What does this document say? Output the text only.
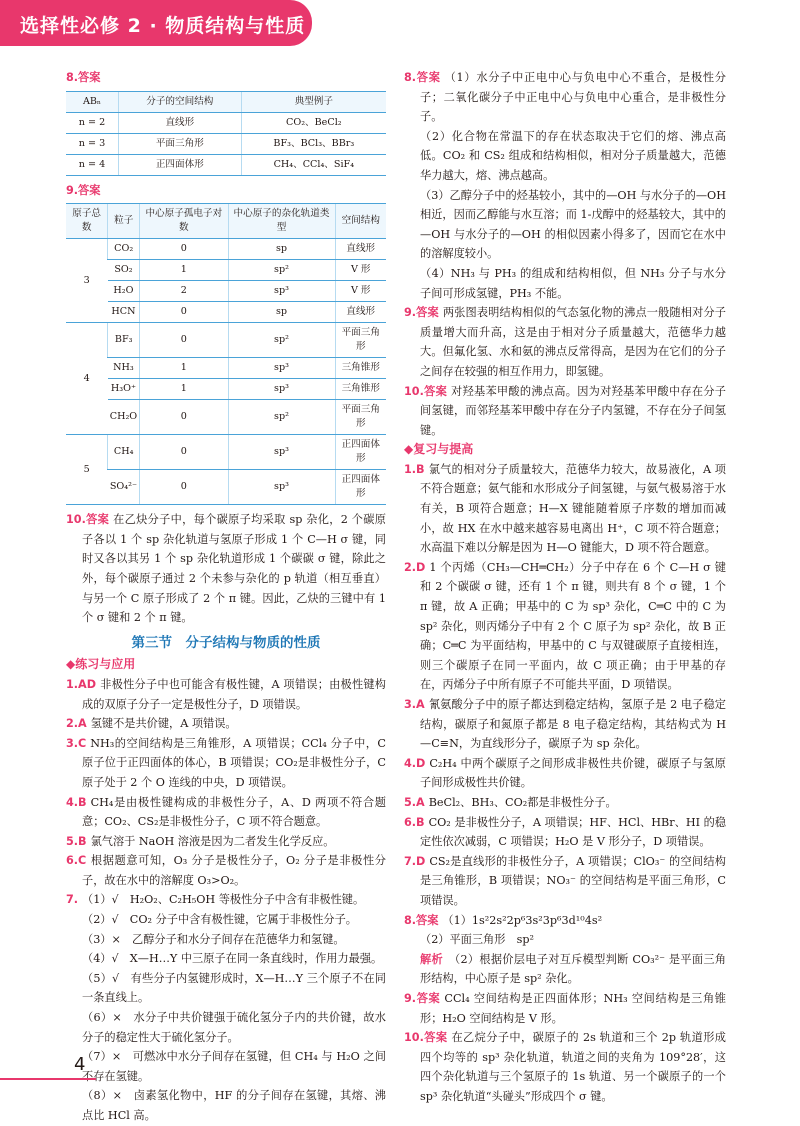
选择性必修 2 · 物质结构与性质

8.答案

ABₙ	分子的空间结构	典型例子
n = 2	直线形	CO₂、BeCl₂
n = 3	平面三角形	BF₃、BCl₃、BBr₃
n = 4	正四面体形	CH₄、CCl₄、SiF₄

9.答案

原子总数	粒子	中心原子孤电子对数	中心原子的杂化轨道类型	空间结构
3	CO₂	0	sp	直线形
	SO₂	1	sp²	V 形
	H₂O	2	sp³	V 形
	HCN	0	sp	直线形
4	BF₃	0	sp²	平面三角形
	NH₃	1	sp³	三角锥形
	H₃O⁺	1	sp³	三角锥形
	CH₂O	0	sp²	平面三角形
5	CH₄	0	sp³	正四面体形
	SO₄²⁻	0	sp³	正四面体形

10.答案 在乙炔分子中，每个碳原子均采取 sp 杂化，2 个碳原子各以 1 个 sp 杂化轨道与氢原子形成 1 个 C—H σ 键，同时又各以其另 1 个 sp 杂化轨道形成 1 个碳碳 σ 键，除此之外，每个碳原子通过 2 个未参与杂化的 p 轨道（相互垂直）与另一个 C 原子形成了 2 个 π 键。因此，乙炔的三键中有 1 个 σ 键和 2 个 π 键。

第三节　分子结构与物质的性质

◆练习与应用

1.AD 非极性分子中也可能含有极性键，A 项错误；由极性键构成的双原子分子一定是极性分子，D 项错误。

2.A 氢键不是共价键，A 项错误。

3.C NH₃的空间结构是三角锥形，A 项错误；CCl₄ 分子中，C 原子位于正四面体的体心，B 项错误；CO₂是非极性分子，C 原子处于 2 个 O 连线的中央，D 项错误。

4.B CH₄是由极性键构成的非极性分子，A、D 两项不符合题意；CO₂、CS₂是非极性分子，C 项不符合题意。

5.B 氯气溶于 NaOH 溶液是因为二者发生化学反应。

6.C 根据题意可知，O₃ 分子是极性分子，O₂ 分子是非极性分子，故在水中的溶解度 O₃>O₂。

7. （1）√　H₂O₂、C₂H₅OH 等极性分子中含有非极性键。

（2）√　CO₂ 分子中含有极性键，它属于非极性分子。

（3）×　乙醇分子和水分子间存在范德华力和氢键。

（4）√　X—H…Y 中三原子在同一条直线时，作用力最强。

（5）√　有些分子内氢键形成时，X—H…Y 三个原子不在同一条直线上。

（6）×　水分子中共价键强于硫化氢分子内的共价键，故水分子的稳定性大于硫化氢分子。

（7）×　可燃冰中水分子间存在氢键，但 CH₄ 与 H₂O 之间不存在氢键。

（8）×　卤素氢化物中，HF 的分子间存在氢键，其熔、沸点比 HCl 高。

8.答案 （1）水分子中正电中心与负电中心不重合，是极性分子；二氧化碳分子中正电中心与负电中心重合，是非极性分子。

（2）化合物在常温下的存在状态取决于它们的熔、沸点高低。CO₂ 和 CS₂ 组成和结构相似，相对分子质量越大，范德华力越大，熔、沸点越高。

（3）乙醇分子中的烃基较小，其中的—OH 与水分子的—OH 相近，因而乙醇能与水互溶；而 1-戊醇中的烃基较大，其中的—OH 与水分子的—OH 的相似因素小得多了，因而它在水中的溶解度较小。

（4）NH₃ 与 PH₃ 的组成和结构相似，但 NH₃ 分子与水分子间可形成氢键，PH₃ 不能。

9.答案 两张图表明结构相似的气态氢化物的沸点一般随相对分子质量增大而升高，这是由于相对分子质量越大，范德华力越大。但氟化氢、水和氨的沸点反常得高，是因为在它们的分子之间存在较强的相互作用力，即氢键。

10.答案 对羟基苯甲酸的沸点高。因为对羟基苯甲酸中存在分子间氢键，而邻羟基苯甲酸中存在分子内氢键，不存在分子间氢键。

◆复习与提高

1.B 氯气的相对分子质量较大，范德华力较大，故易液化，A 项不符合题意；氨气能和水形成分子间氢键，与氨气极易溶于水有关，B 项符合题意；H—X 键能随着原子序数的增加而减小，故 HX 在水中越来越容易电离出 H⁺，C 项不符合题意；水高温下难以分解是因为 H—O 键能大，D 项不符合题意。

2.D 1 个丙烯（CH₃—CH═CH₂）分子中存在 6 个 C—H σ 键和 2 个碳碳 σ 键，还有 1 个 π 键，则共有 8 个 σ 键，1 个 π 键，故 A 正确；甲基中的 C 为 sp³ 杂化，C═C 中的 C 为 sp² 杂化，则丙烯分子中有 2 个 C 原子为 sp² 杂化，故 B 正确；C═C 为平面结构，甲基中的 C 与双键碳原子直接相连，则三个碳原子在同一平面内，故 C 项正确；由于甲基的存在，丙烯分子中所有原子不可能共平面，D 项错误。

3.A 氰氨酸分子中的原子都达到稳定结构，氢原子是 2 电子稳定结构，碳原子和氮原子都是 8 电子稳定结构，其结构式为 H—C≡N，为直线形分子，碳原子为 sp 杂化。

4.D C₂H₄ 中两个碳原子之间形成非极性共价键，碳原子与氢原子间形成极性共价键。

5.A BeCl₂、BH₃、CO₂都是非极性分子。

6.B CO₂ 是非极性分子，A 项错误；HF、HCl、HBr、HI 的稳定性依次减弱，C 项错误；H₂O 是 V 形分子，D 项错误。

7.D CS₂是直线形的非极性分子，A 项错误；ClO₃⁻ 的空间结构是三角锥形，B 项错误；NO₃⁻ 的空间结构是平面三角形，C 项错误。

8.答案 （1）1s²2s²2p⁶3s²3p⁶3d¹⁰4s²

（2）平面三角形　sp²

解析 （2）根据价层电子对互斥模型判断 CO₃²⁻ 是平面三角形结构，中心原子是 sp² 杂化。

9.答案 CCl₄ 空间结构是正四面体形；NH₃ 空间结构是三角锥形；H₂O 空间结构是 V 形。

10.答案 在乙烷分子中，碳原子的 2s 轨道和三个 2p 轨道形成四个均等的 sp³ 杂化轨道，轨道之间的夹角为 109°28′，这四个杂化轨道与三个氢原子的 1s 轨道、另一个碳原子的一个 sp³ 杂化轨道“头碰头”形成四个 σ 键。

4
